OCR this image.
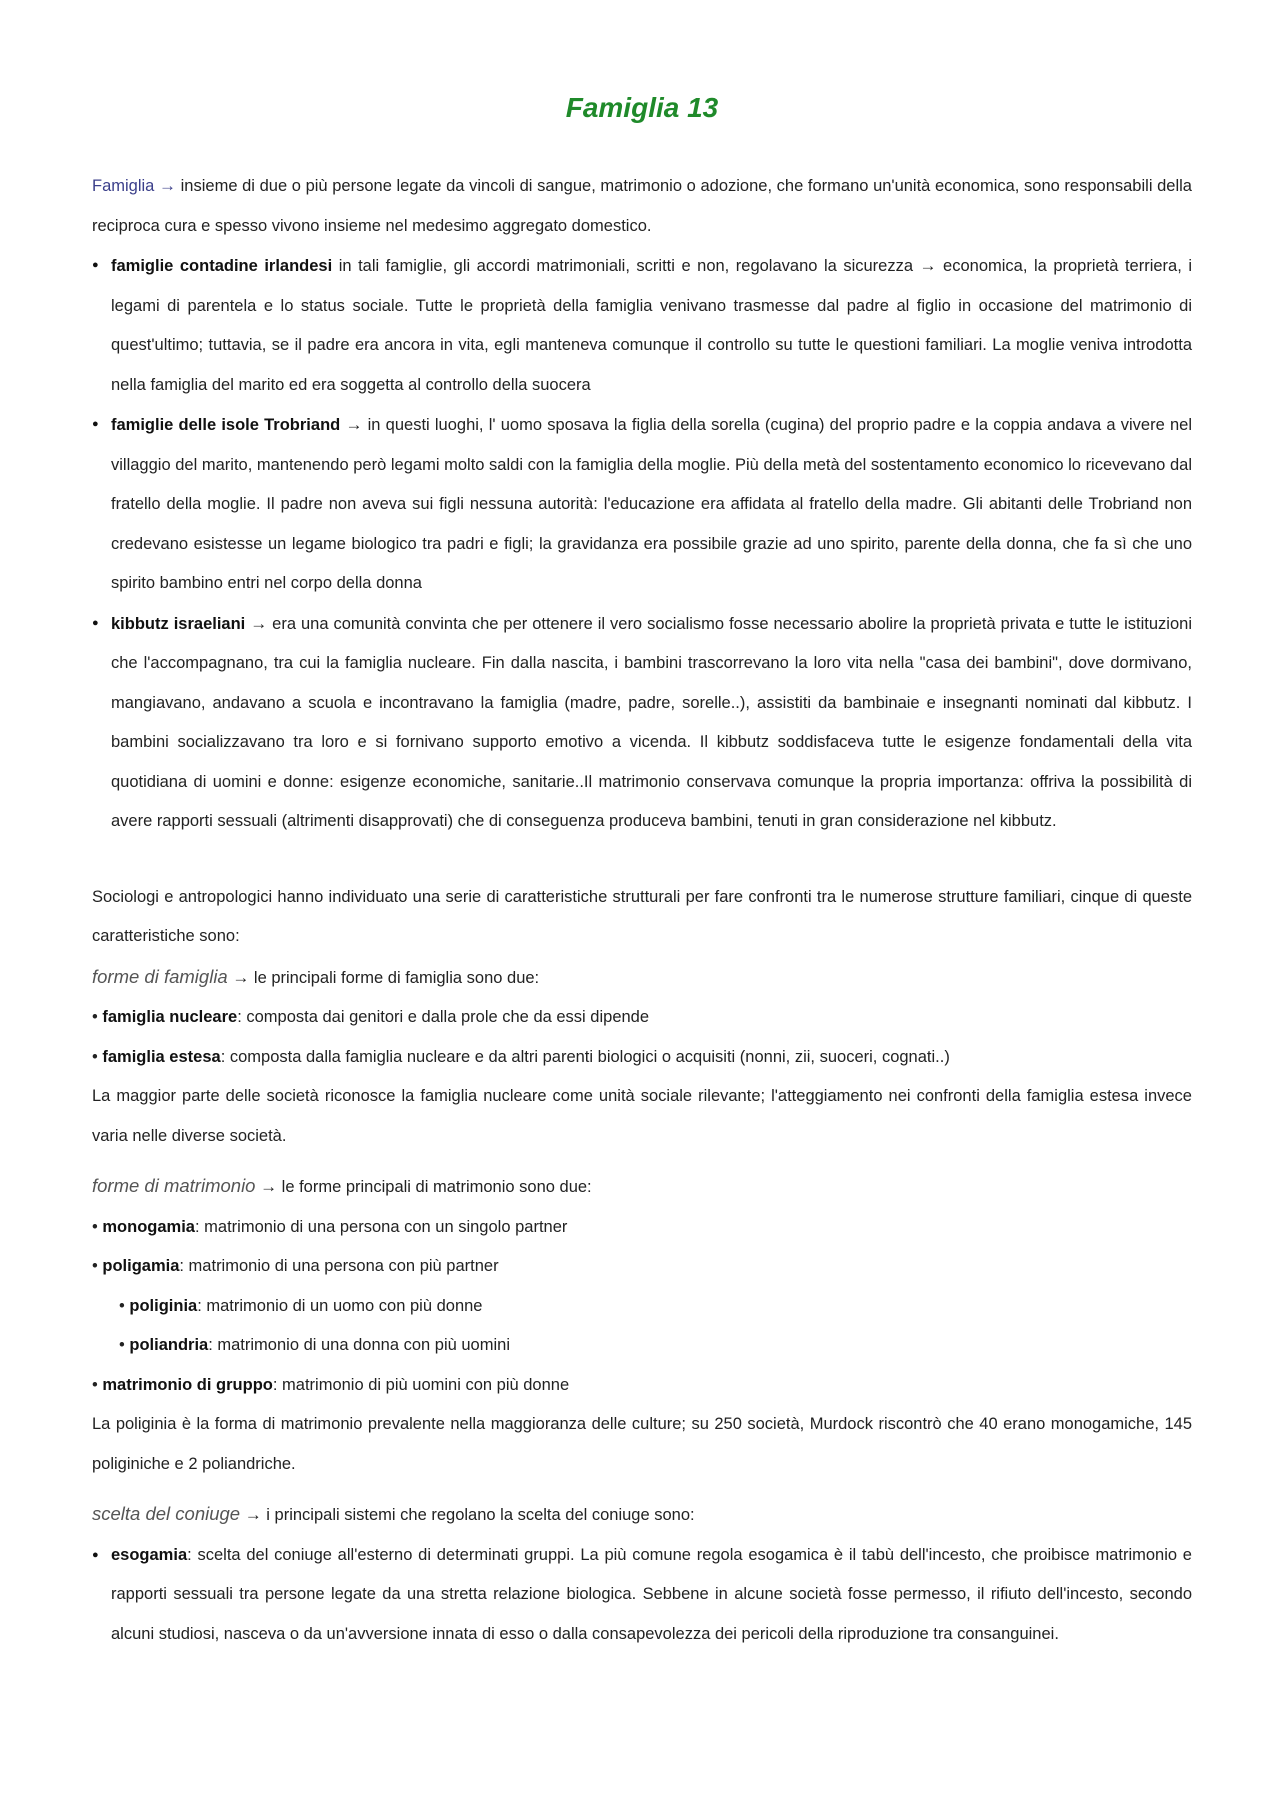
Famiglia 13

Famiglia → insieme di due o più persone legate da vincoli di sangue, matrimonio o adozione, che formano un'unità economica, sono responsabili della reciproca cura e spesso vivono insieme nel medesimo aggregato domestico.

● famiglie contadine irlandesi in tali famiglie, gli accordi matrimoniali, scritti e non, regolavano la sicurezza → economica, la proprietà terriera, i legami di parentela e lo status sociale. Tutte le proprietà della famiglia venivano trasmesse dal padre al figlio in occasione del matrimonio di quest'ultimo; tuttavia, se il padre era ancora in vita, egli manteneva comunque il controllo su tutte le questioni familiari. La moglie veniva introdotta nella famiglia del marito ed era soggetta al controllo della suocera
● famiglie delle isole Trobriand → in questi luoghi, l' uomo sposava la figlia della sorella (cugina) del proprio padre e la coppia andava a vivere nel villaggio del marito, mantenendo però legami molto saldi con la famiglia della moglie. Più della metà del sostentamento economico lo ricevevano dal fratello della moglie. Il padre non aveva sui figli nessuna autorità: l'educazione era affidata al fratello della madre. Gli abitanti delle Trobriand non credevano esistesse un legame biologico tra padri e figli; la gravidanza era possibile grazie ad uno spirito, parente della donna, che fa sì che uno spirito bambino entri nel corpo della donna
● kibbutz israeliani → era una comunità convinta che per ottenere il vero socialismo fosse necessario abolire la proprietà privata e tutte le istituzioni che l'accompagnano, tra cui la famiglia nucleare. Fin dalla nascita, i bambini trascorrevano la loro vita nella "casa dei bambini", dove dormivano, mangiavano, andavano a scuola e incontravano la famiglia (madre, padre, sorelle..), assistiti da bambinaie e insegnanti nominati dal kibbutz. I bambini socializzavano tra loro e si fornivano supporto emotivo a vicenda. Il kibbutz soddisfaceva tutte le esigenze fondamentali della vita quotidiana di uomini e donne: esigenze economiche, sanitarie..Il matrimonio conservava comunque la propria importanza: offriva la possibilità di avere rapporti sessuali (altrimenti disapprovati) che di conseguenza produceva bambini, tenuti in gran considerazione nel kibbutz.

Sociologi e antropologici hanno individuato una serie di caratteristiche strutturali per fare confronti tra le numerose strutture familiari, cinque di queste caratteristiche sono:

forme di famiglia → le principali forme di famiglia sono due:

• famiglia nucleare: composta dai genitori e dalla prole che da essi dipende

• famiglia estesa: composta dalla famiglia nucleare e da altri parenti biologici o acquisiti (nonni, zii, suoceri, cognati..)

La maggior parte delle società riconosce la famiglia nucleare come unità sociale rilevante; l'atteggiamento nei confronti della famiglia estesa invece varia nelle diverse società.

forme di matrimonio → le forme principali di matrimonio sono due:

• monogamia: matrimonio di una persona con un singolo partner

• poligamia: matrimonio di una persona con più partner

• poliginia: matrimonio di un uomo con più donne

• poliandria: matrimonio di una donna con più uomini

• matrimonio di gruppo: matrimonio di più uomini con più donne

La poliginia è la forma di matrimonio prevalente nella maggioranza delle culture; su 250 società, Murdock riscontrò che 40 erano monogamiche, 145 poliginiche e 2 poliandriche.

scelta del coniuge → i principali sistemi che regolano la scelta del coniuge sono:

● esogamia: scelta del coniuge all'esterno di determinati gruppi. La più comune regola esogamica è il tabù dell'incesto, che proibisce matrimonio e rapporti sessuali tra persone legate da una stretta relazione biologica. Sebbene in alcune società fosse permesso, il rifiuto dell'incesto, secondo alcuni studiosi, nasceva o da un'avversione innata di esso o dalla consapevolezza dei pericoli della riproduzione tra consanguinei.
